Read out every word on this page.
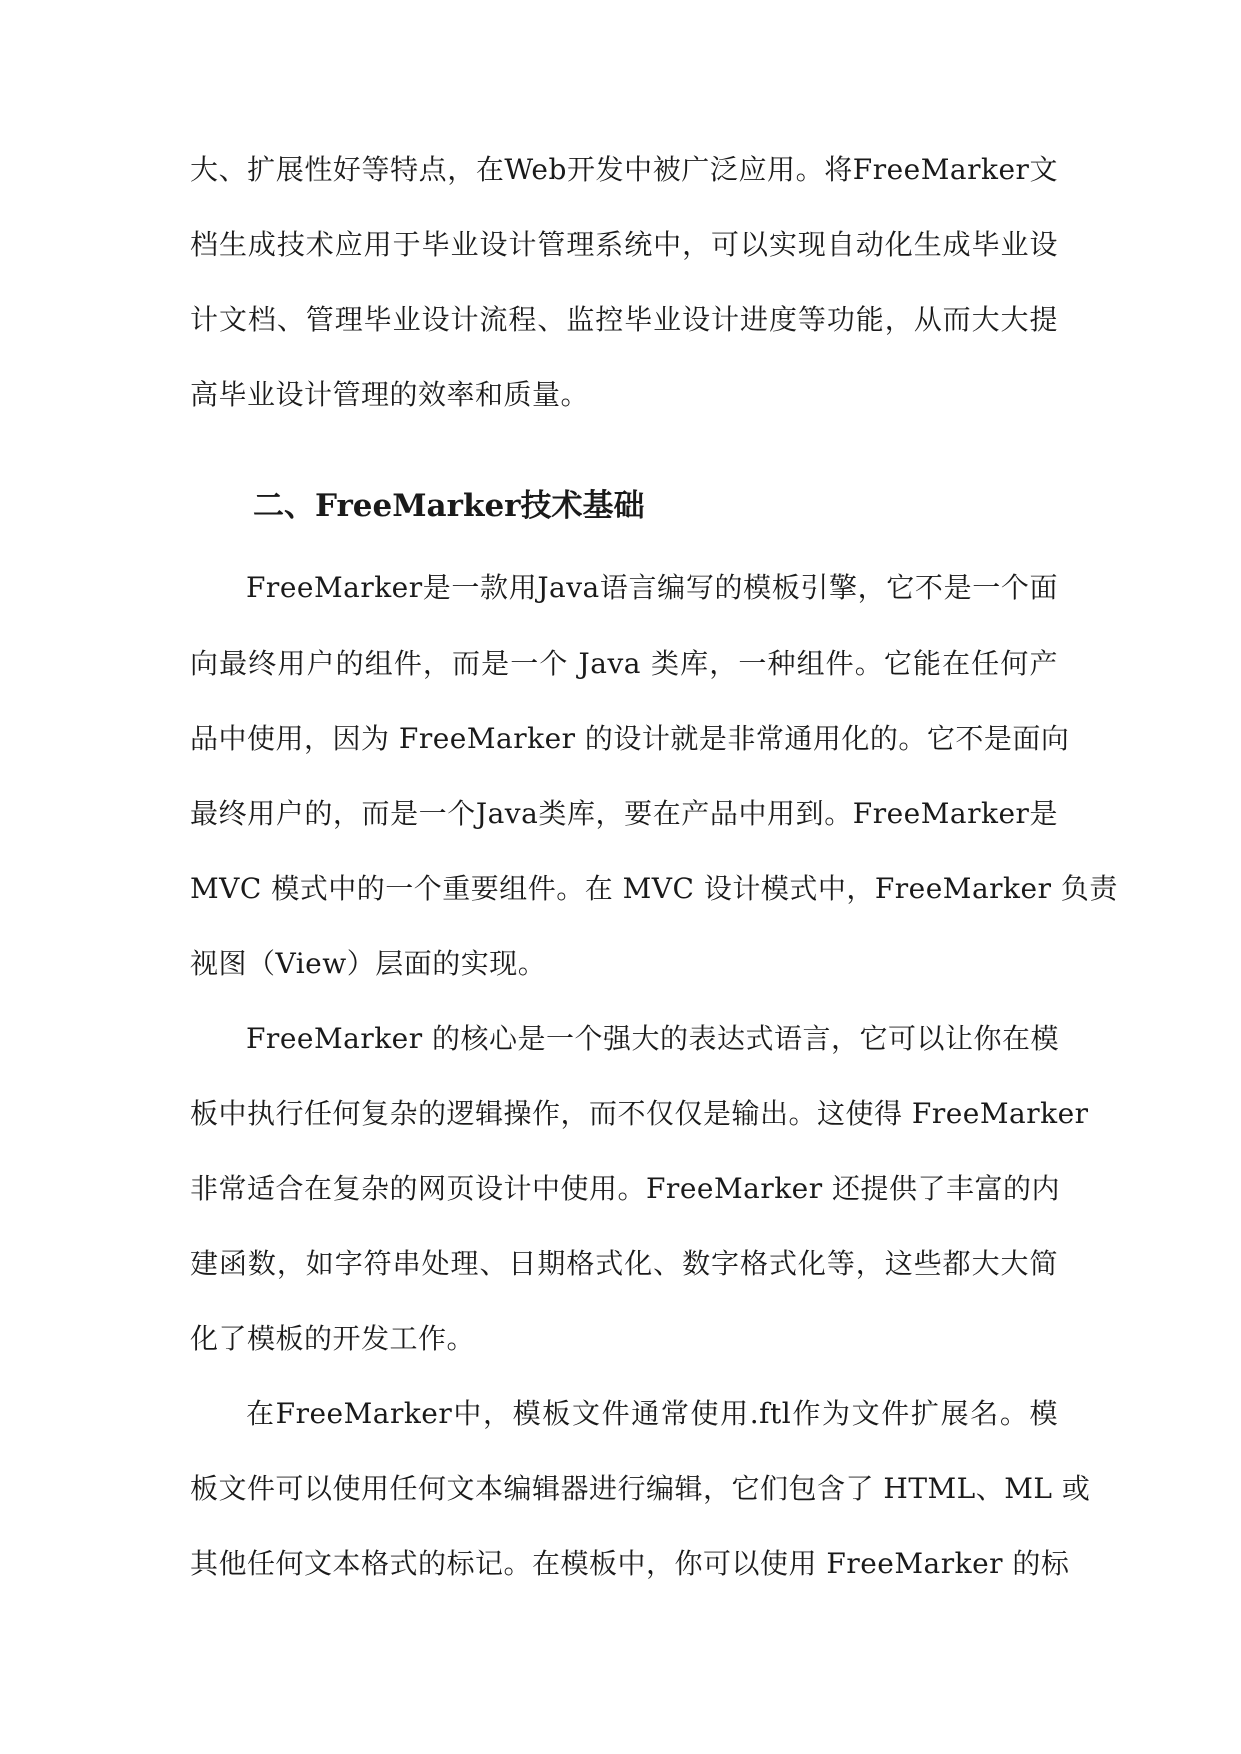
大、扩展性好等特点，在Web开发中被广泛应用。将FreeMarker文
档生成技术应用于毕业设计管理系统中，可以实现自动化生成毕业设
计文档、管理毕业设计流程、监控毕业设计进度等功能，从而大大提
高毕业设计管理的效率和质量。
二、FreeMarker技术基础
FreeMarker是一款用Java语言编写的模板引擎，它不是一个面
向最终用户的组件，而是一个 Java 类库，一种组件。它能在任何产
品中使用，因为 FreeMarker 的设计就是非常通用化的。它不是面向
最终用户的，而是一个Java类库，要在产品中用到。FreeMarker是
MVC 模式中的一个重要组件。在 MVC 设计模式中，FreeMarker 负责
视图（View）层面的实现。
FreeMarker 的核心是一个强大的表达式语言，它可以让你在模
板中执行任何复杂的逻辑操作，而不仅仅是输出。这使得 FreeMarker
非常适合在复杂的网页设计中使用。FreeMarker 还提供了丰富的内
建函数，如字符串处理、日期格式化、数字格式化等，这些都大大简
化了模板的开发工作。
在FreeMarker中，模板文件通常使用.ftl作为文件扩展名。模
板文件可以使用任何文本编辑器进行编辑，它们包含了 HTML、ML 或
其他任何文本格式的标记。在模板中，你可以使用 FreeMarker 的标
